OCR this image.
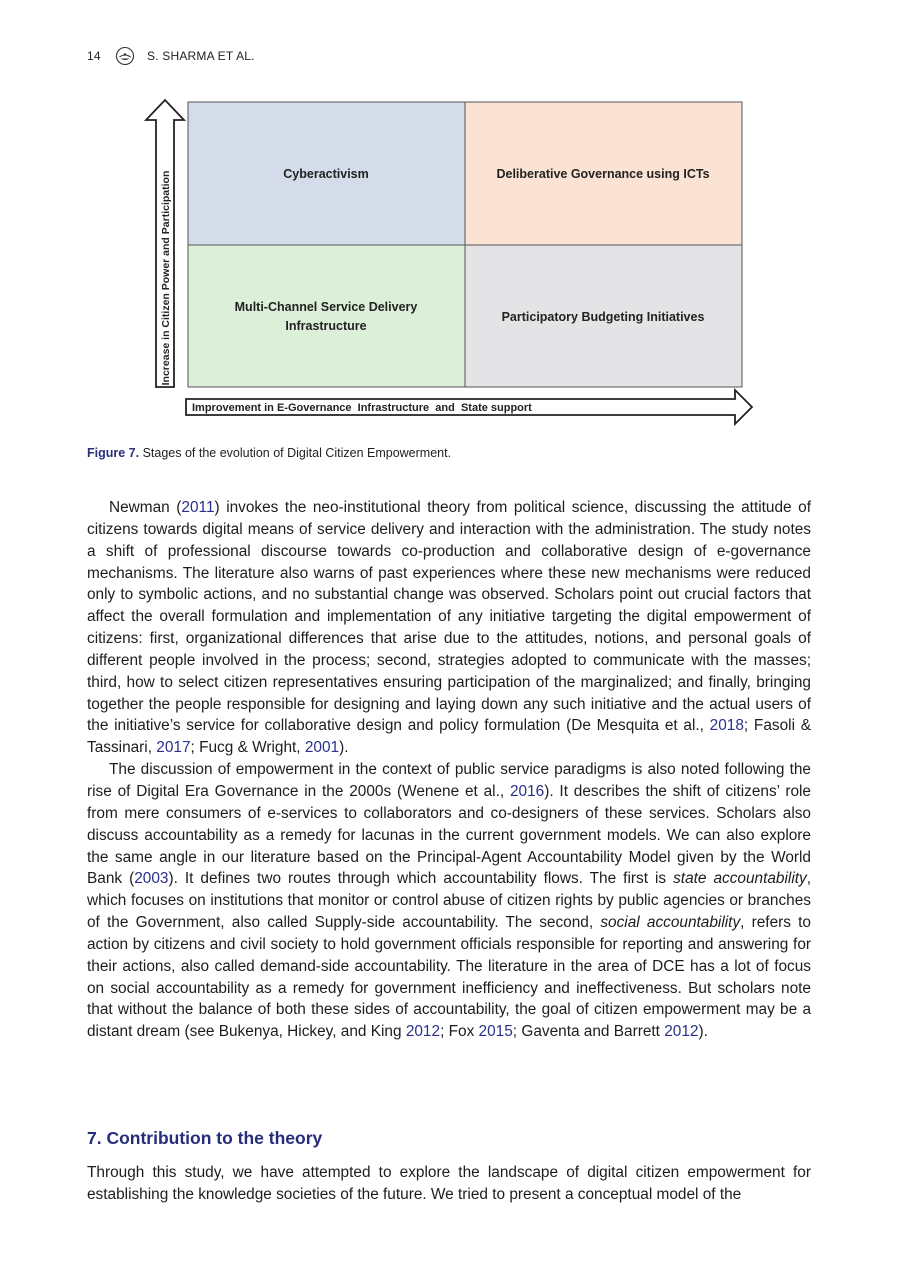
14	S. SHARMA ET AL.
Cyberactivism	Deliberative Governance using ICTs
Multi-Channel Service Delivery
Infrastructure
Participatory Budgeting Initiatives
Increase in Citizen Power and Participation
Improvement in E-Governance  Infrastructure  and  State support
Figure 7. Stages of the evolution of Digital Citizen Empowerment.

Newman (2011) invokes the neo-institutional theory from political science, discussing the attitude of citizens towards digital means of service delivery and interaction with the administration. The study notes a shift of professional discourse towards co-production and collaborative design of e-governance mechanisms. The literature also warns of past experiences where these new mechanisms were reduced only to symbolic actions, and no substantial change was observed. Scholars point out crucial factors that affect the overall formulation and implementation of any initiative targeting the digital empowerment of citizens: first, organizational differences that arise due to the attitudes, notions, and personal goals of different people involved in the process; second, strategies adopted to communicate with the masses; third, how to select citizen representatives ensuring participation of the marginalized; and finally, bringing together the people responsible for designing and laying down any such initiative and the actual users of the initiative’s service for collaborative design and policy formulation (De Mesquita et al., 2018; Fasoli & Tassinari, 2017; Fucg & Wright, 2001).

The discussion of empowerment in the context of public service paradigms is also noted following the rise of Digital Era Governance in the 2000s (Wenene et al., 2016). It describes the shift of citizens’ role from mere consumers of e-services to collaborators and co-designers of these services. Scholars also discuss accountability as a remedy for lacunas in the current government models. We can also explore the same angle in our literature based on the Principal-Agent Accountability Model given by the World Bank (2003). It defines two routes through which accountability flows. The first is state accountability, which focuses on institutions that monitor or control abuse of citizen rights by public agencies or branches of the Government, also called Supply-side accountability. The second, social accountability, refers to action by citizens and civil society to hold government officials responsible for reporting and answering for their actions, also called demand-side accountability. The literature in the area of DCE has a lot of focus on social accountability as a remedy for government inefficiency and ineffectiveness. But scholars note that without the balance of both these sides of accountability, the goal of citizen empowerment may be a distant dream (see Bukenya, Hickey, and King 2012; Fox 2015; Gaventa and Barrett 2012).

7. Contribution to the theory

Through this study, we have attempted to explore the landscape of digital citizen empowerment for establishing the knowledge societies of the future. We tried to present a conceptual model of the
